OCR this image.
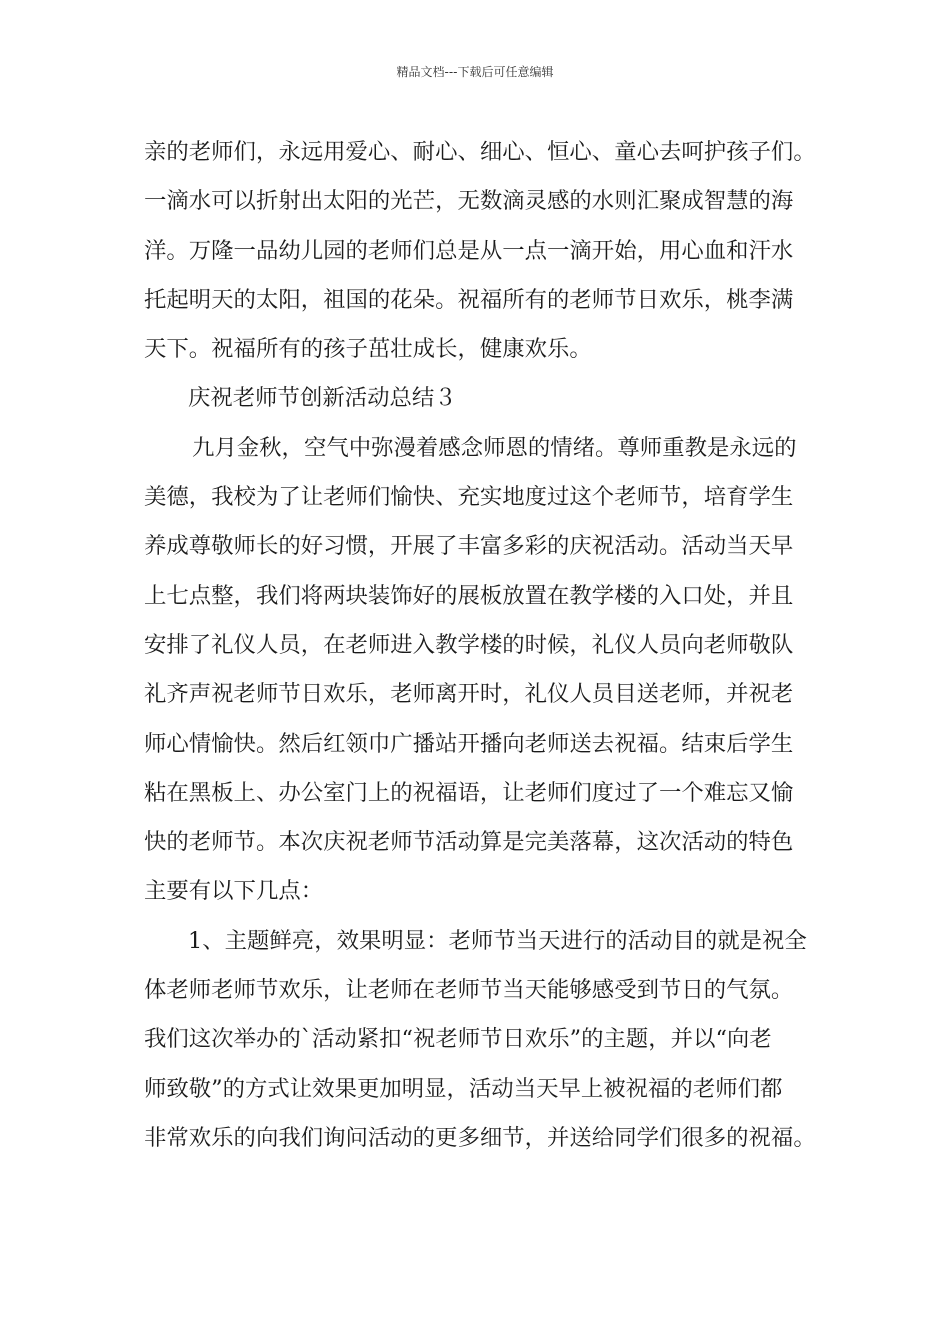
精品文档---下载后可任意编辑
亲的老师们，永远用爱心、耐心、细心、恒心、童心去呵护孩子们。
一滴水可以折射出太阳的光芒，无数滴灵感的水则汇聚成智慧的海
洋。万隆一品幼儿园的老师们总是从一点一滴开始，用心血和汗水
托起明天的太阳，祖国的花朵。祝福所有的老师节日欢乐，桃李满
天下。祝福所有的孩子茁壮成长，健康欢乐。
庆祝老师节创新活动总结３
九月金秋，空气中弥漫着感念师恩的情绪。尊师重教是永远的
美德，我校为了让老师们愉快、充实地度过这个老师节，培育学生
养成尊敬师长的好习惯，开展了丰富多彩的庆祝活动。活动当天早
上七点整，我们将两块装饰好的展板放置在教学楼的入口处，并且
安排了礼仪人员，在老师进入教学楼的时候，礼仪人员向老师敬队
礼齐声祝老师节日欢乐，老师离开时，礼仪人员目送老师，并祝老
师心情愉快。然后红领巾广播站开播向老师送去祝福。结束后学生
粘在黑板上、办公室门上的祝福语，让老师们度过了一个难忘又愉
快的老师节。本次庆祝老师节活动算是完美落幕，这次活动的特色
主要有以下几点：
1、主题鲜亮，效果明显：老师节当天进行的活动目的就是祝全
体老师老师节欢乐，让老师在老师节当天能够感受到节日的气氛。
我们这次举办的`活动紧扣“祝老师节日欢乐”的主题，并以“向老
师致敬”的方式让效果更加明显，活动当天早上被祝福的老师们都
非常欢乐的向我们询问活动的更多细节，并送给同学们很多的祝福。
